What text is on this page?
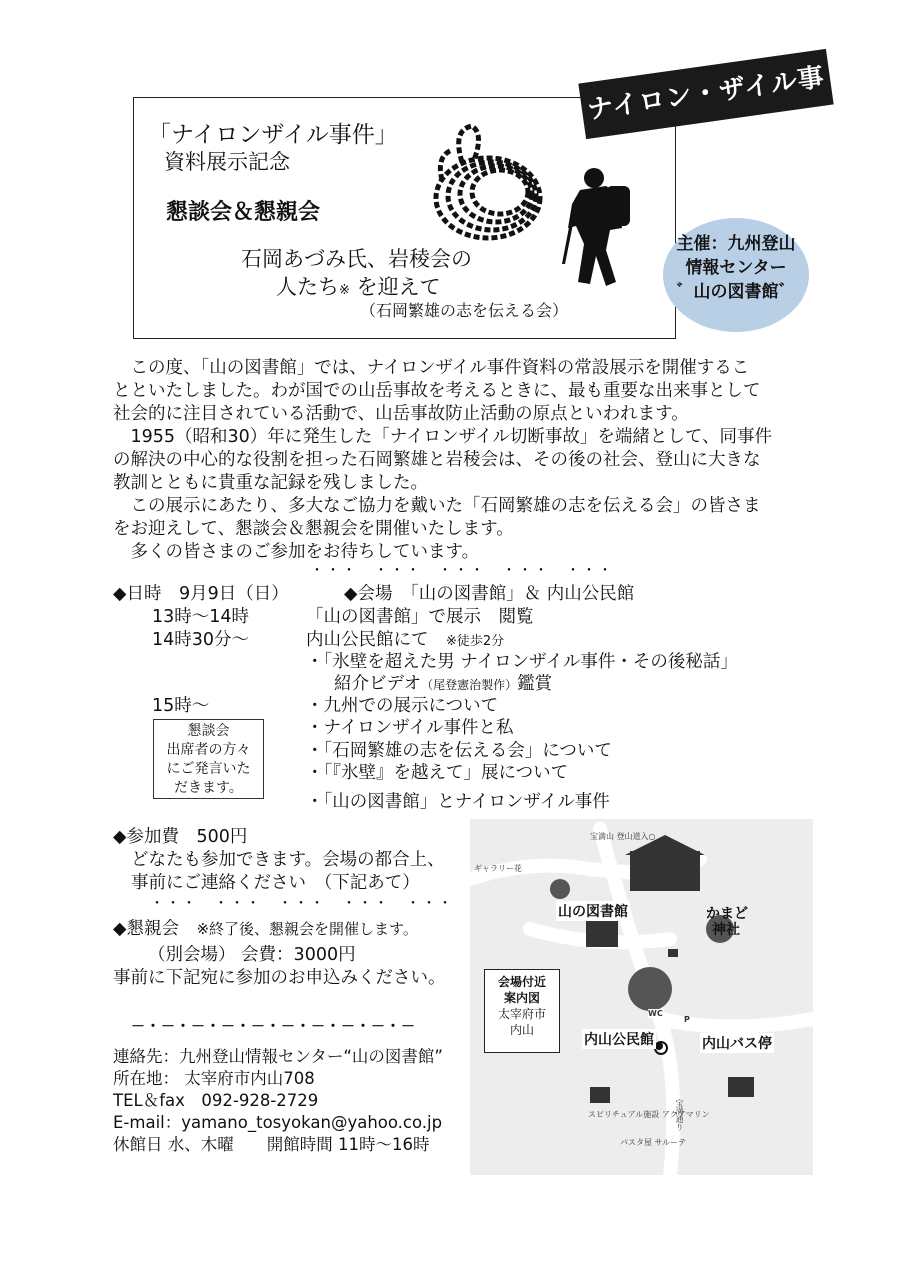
「ナイロンザイル事件」
資料展示記念
懇談会＆懇親会
石岡あづみ氏、岩稜会の
人たち※ を迎えて
（石岡繁雄の志を伝える会）
ナイロン・ザイル事件
主催：九州登山
情報センター
゛山の図書館゛
　この度、「山の図書館」では、ナイロンザイル事件資料の常設展示を開催するこ
とといたしました。わが国での山岳事故を考えるときに、最も重要な出来事として
社会的に注目されている活動で、山岳事故防止活動の原点といわれます。
　1955（昭和30）年に発生した「ナイロンザイル切断事故」を端緒として、同事件
の解決の中心的な役割を担った石岡繁雄と岩稜会は、その後の社会、登山に大きな
教訓とともに貴重な記録を残しました。
　この展示にあたり、多大なご協力を戴いた「石岡繁雄の志を伝える会」の皆さま
をお迎えして、懇談会＆懇親会を開催いたします。
　多くの皆さまのご参加をお待ちしています。
・・・　・・・　・・・　・・・　・・・
◆日時　9月9日（日）	◆会場　「山の図書館」＆ 内山公民館
13時～14時	「山の図書館」で展示　閲覧
14時30分～	内山公民館にて　※徒歩2分
・「氷壁を超えた男 ナイロンザイル事件・その後秘話」
紹介ビデオ（尾登憲治製作）鑑賞
15時～	・九州での展示について
・ナイロンザイル事件と私
・「石岡繁雄の志を伝える会」について
・「『氷壁』を越えて」展について
・「山の図書館」とナイロンザイル事件
懇談会
出席者の方々
にご発言いた
だきます。
◆参加費　500円
どなたも参加できます。会場の都合上、
事前にご連絡ください　（下記あて）
・・・　・・・　・・・　・・・　・・・
◆懇親会　※終了後、懇親会を開催します。
（別会場） 会費：3000円
事前に下記宛に参加のお申込みください。
－・－・－・－・－・－・－・－・－・－
連絡先：九州登山情報センター“山の図書館”
所在地： 太宰府市内山708
TEL＆fax　092-928-2729
E-mail：yamano_tosyokan@yahoo.co.jp
休館日 水、木曜　　開館時間 11時～16時
宝満山 登山道入○
ギャラリー花
山の図書館	かまど
神社
会場付近
案内図
太宰府市
内山
内山公民館	内山バス停
WC
P
スピリチュアル施設 アクアマリン
パスタ屋 サルーテ
宝満通り
